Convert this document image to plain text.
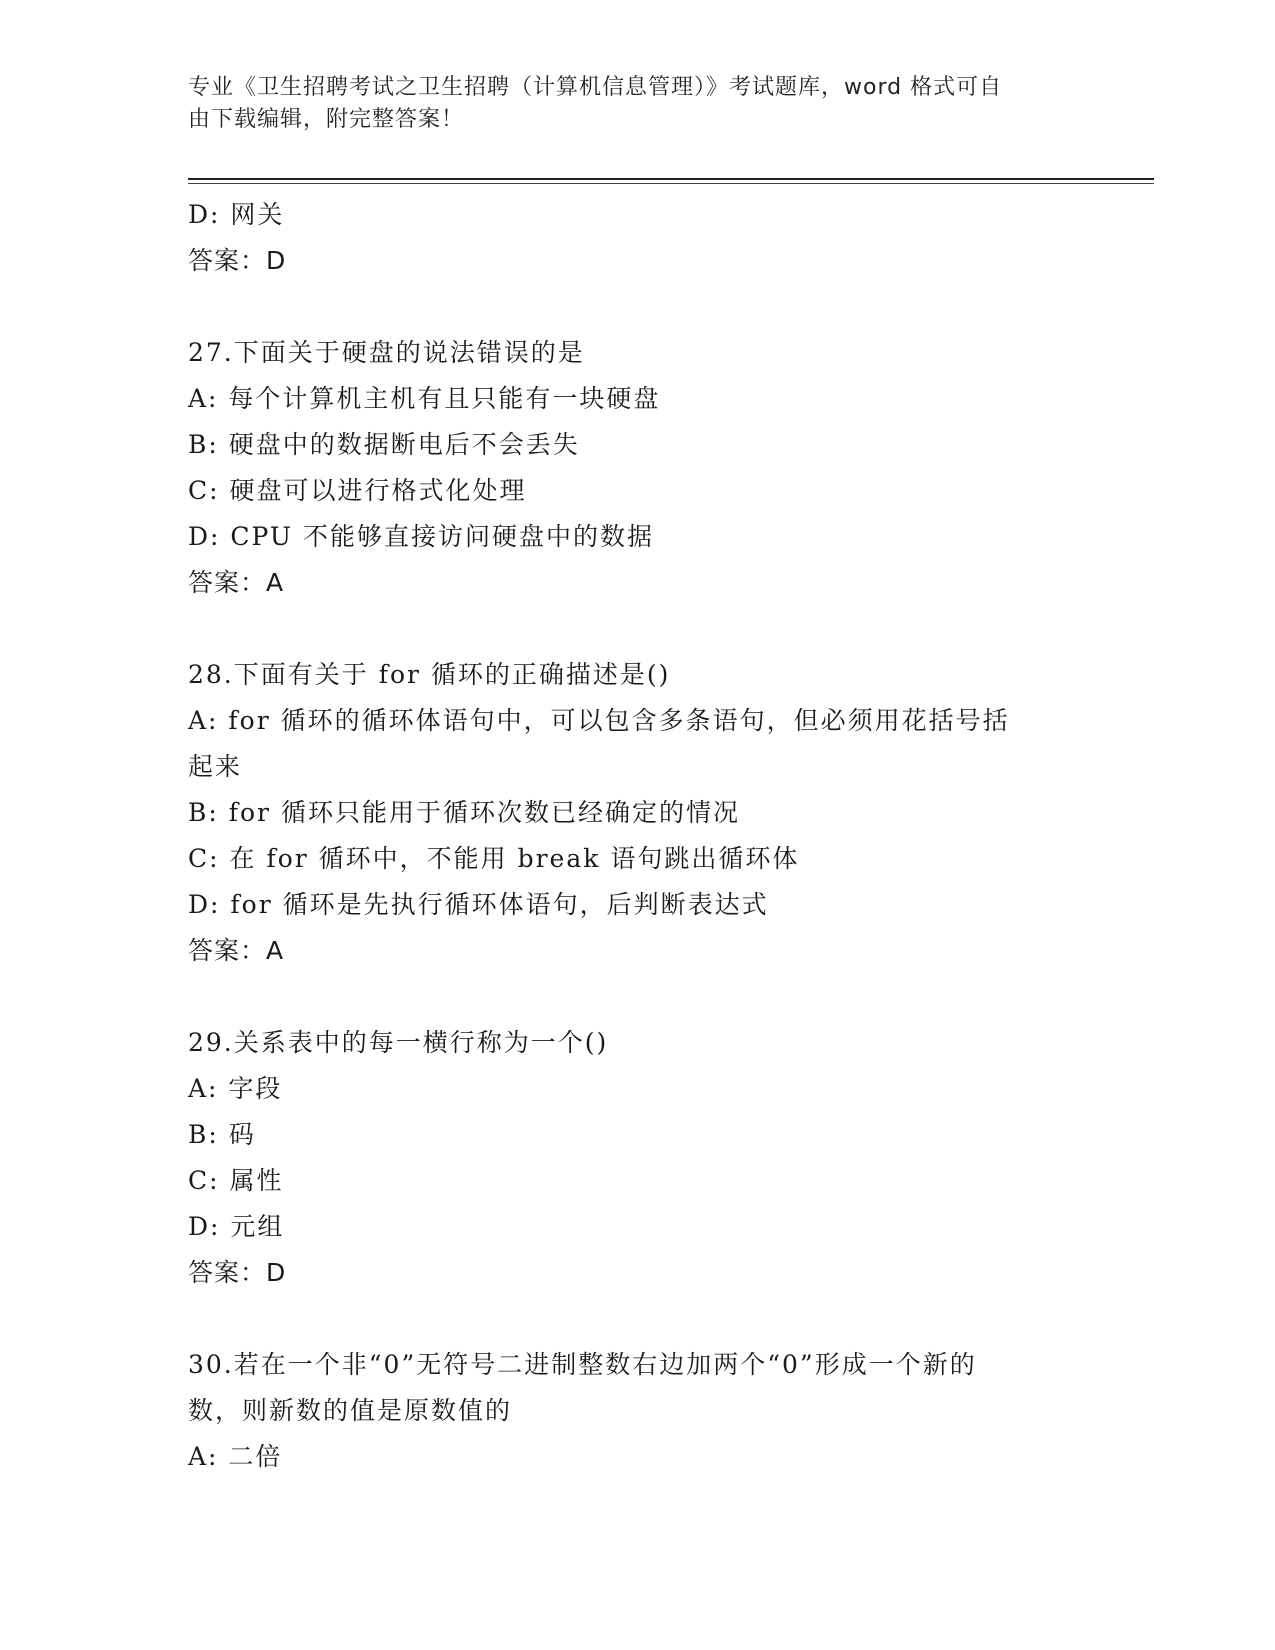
专业《卫生招聘考试之卫生招聘（计算机信息管理）》考试题库，word 格式可自
由下载编辑，附完整答案！
D: 网关
答案：D
27.下面关于硬盘的说法错误的是
A: 每个计算机主机有且只能有一块硬盘
B: 硬盘中的数据断电后不会丢失
C: 硬盘可以进行格式化处理
D: CPU 不能够直接访问硬盘中的数据
答案：A
28.下面有关于 for 循环的正确描述是()
A: for 循环的循环体语句中，可以包含多条语句，但必须用花括号括
起来
B: for 循环只能用于循环次数已经确定的情况
C: 在 for 循环中，不能用 break 语句跳出循环体
D: for 循环是先执行循环体语句，后判断表达式
答案：A
29.关系表中的每一横行称为一个()
A: 字段
B: 码
C: 属性
D: 元组
答案：D
30.若在一个非“0”无符号二进制整数右边加两个“0”形成一个新的
数，则新数的值是原数值的
A: 二倍
